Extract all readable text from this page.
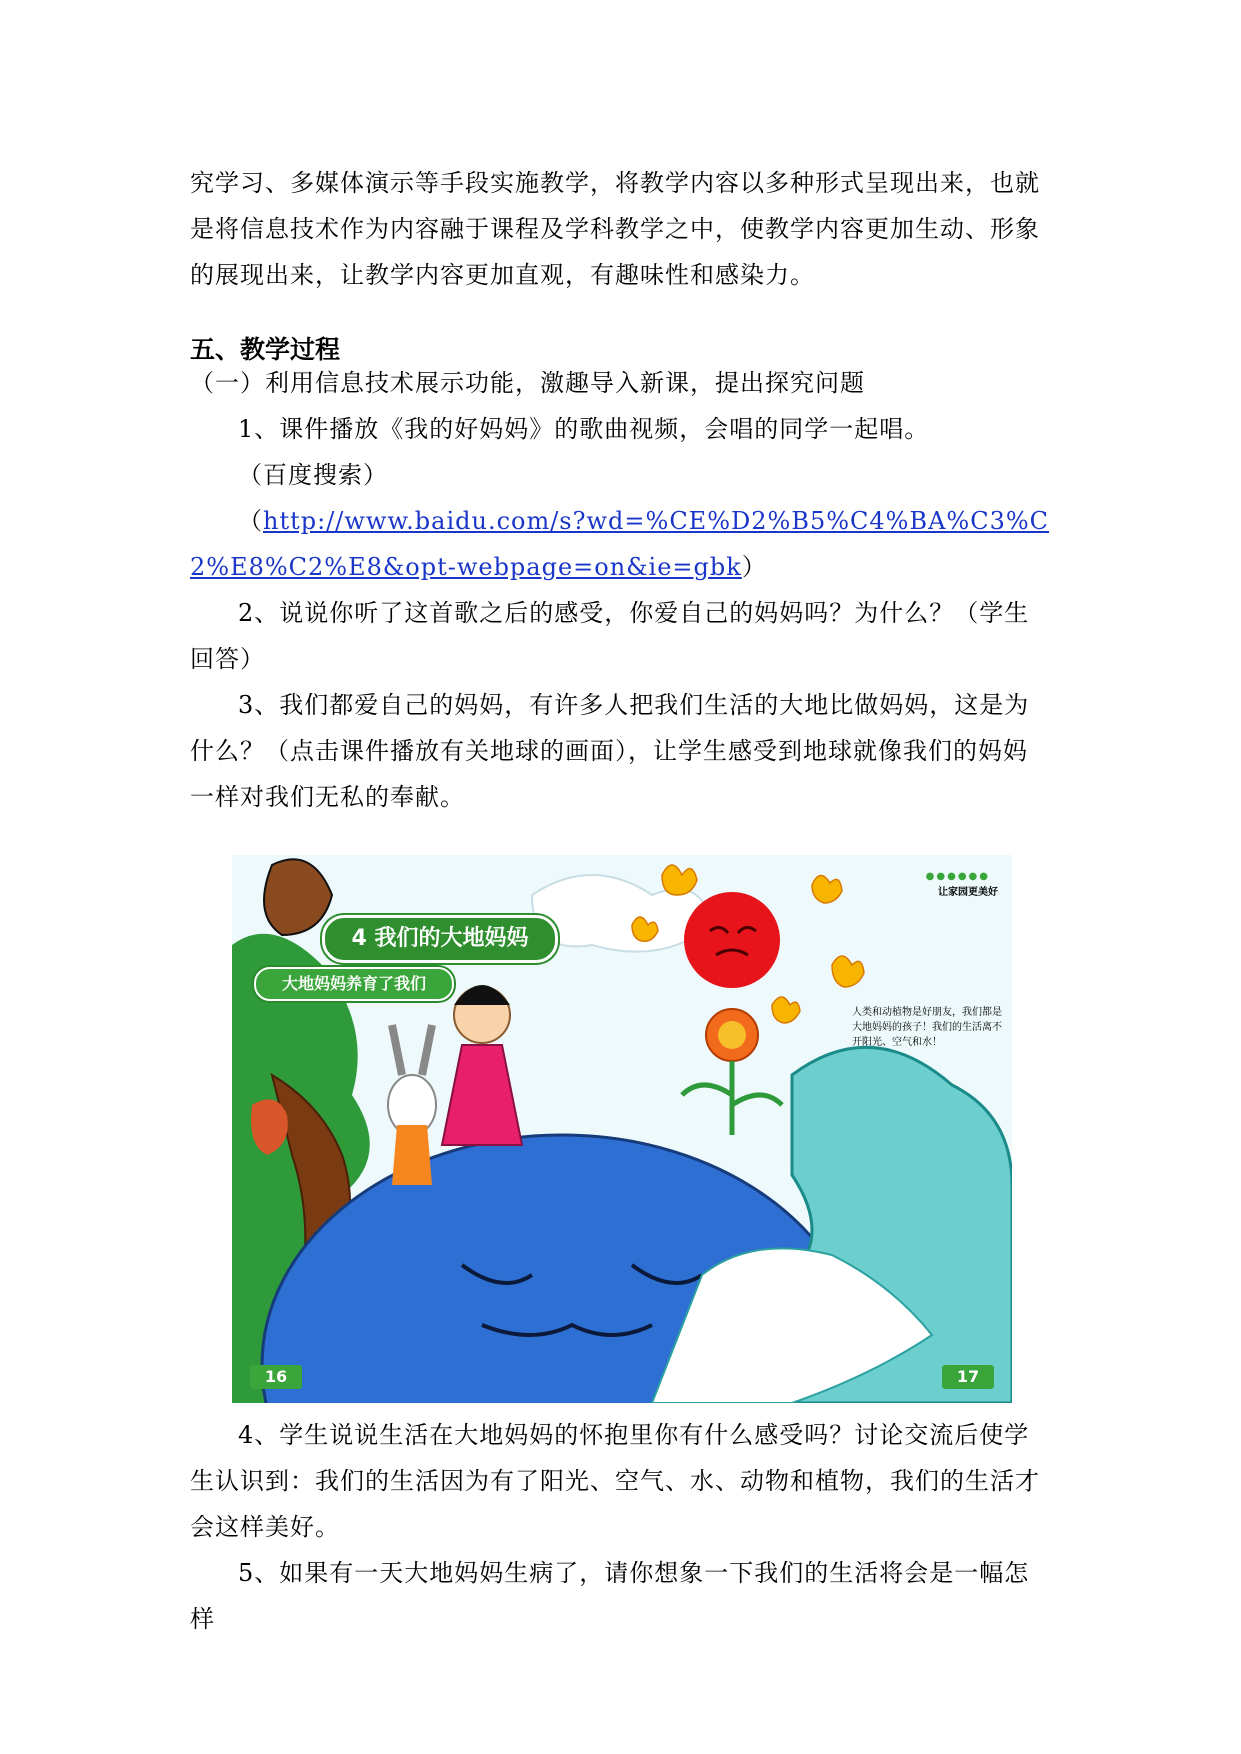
究学习、多媒体演示等手段实施教学，将教学内容以多种形式呈现出来，也就是将信息技术作为内容融于课程及学科教学之中，使教学内容更加生动、形象的展现出来，让教学内容更加直观，有趣味性和感染力。

五、教学过程

（一）利用信息技术展示功能，激趣导入新课，提出探究问题

1、课件播放《我的好妈妈》的歌曲视频，会唱的同学一起唱。

（百度搜索）

（http://www.baidu.com/s?wd=%CE%D2%B5%C4%BA%C3%C2%E8%C2%E8&opt-webpage=on&ie=gbk）

2、说说你听了这首歌之后的感受，你爱自己的妈妈吗？为什么？（学生回答）

3、我们都爱自己的妈妈，有许多人把我们生活的大地比做妈妈，这是为什么？（点击课件播放有关地球的画面），让学生感受到地球就像我们的妈妈一样对我们无私的奉献。

●●●●●●
让家园更美好
4 我们的大地妈妈
大地妈妈养育了我们
人类和动植物是好朋友，我们都是大地妈妈的孩子！我们的生活离不开阳光、空气和水！
16	17

4、学生说说生活在大地妈妈的怀抱里你有什么感受吗？讨论交流后使学生认识到：我们的生活因为有了阳光、空气、水、动物和植物，我们的生活才会这样美好。

5、如果有一天大地妈妈生病了，请你想象一下我们的生活将会是一幅怎样
